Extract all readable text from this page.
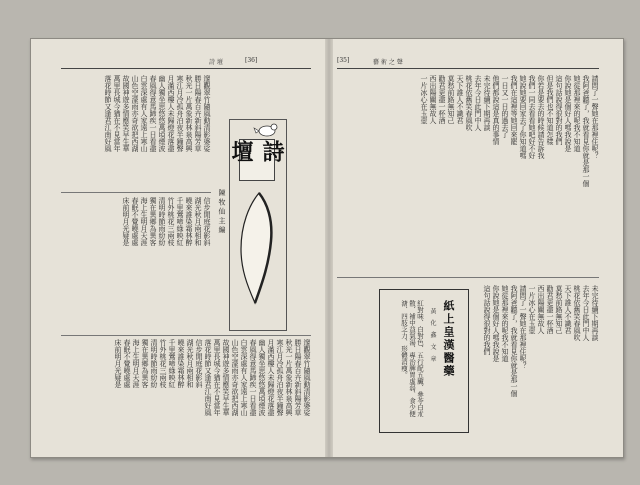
詩 壇	[36]
邃觀翠竹隨風動清影婆娑
勝日陽春百卉新斜陽芳草
秋光一片萬象新林泉高興
寒江月冷孤舟泊夜半鐘聲
月滿西樓人未歸燈花落盡
幽人獨坐思悠悠萬頃煙波
春風得意馬蹄疾一日看盡
白雲深處有人家遠上寒山
山色空濛雨亦奇欲把西湖
故國神遊多情應笑早生華
萬里長城今猶在不見當年
落花時節又逢君江南好風	詩壇
陳 牧 仙 主 編
信步閒庭花影斜
湖光秋月兩相和
曉來誰染霜林醉
千里鶯啼綠映紅
竹外桃花三兩枝
清明時節雨紛紛
獨在異鄉為異客
海上生明月天涯
春眠不覺曉處處
床前明月光疑是
邃觀翠竹隨風動清影婆娑
勝日陽春百卉新斜陽芳草
秋光一片萬象新林泉高興
寒江月冷孤舟泊夜半鐘聲
月滿西樓人未歸燈花落盡
幽人獨坐思悠悠萬頃煙波
春風得意馬蹄疾一日看盡
白雲深處有人家遠上寒山
山色空濛雨亦奇欲把西湖
故國神遊多情應笑早生華
萬里長城今猶在不見當年
落花時節又逢君江南好風
信步閒庭花影斜
湖光秋月兩相和
曉來誰染霜林醉
千里鶯啼綠映紅
竹外桃花三兩枝
清明時節雨紛紛
獨在異鄉為異客
海上生明月天涯
春眠不覺曉處處
床前明月光疑是
[35]	藝 術 之 聲
請問了一聲她在那裡住呢？
我阿爸聽了，我就看見你就是那一個
她從那裡來的呢我不知道
你說她是個好人嗎我說是
這句話說得很對的我們
但是我們也不知道怎樣
你若是要去的時候請告訴我
我們一同去看看她吧好不好
她說她要回家去了你知道嗎
我們在這裡等她回來罷
一日又一日的過去了
他們都說這是真的事情
未完待續下期再談
去年今日此門中人
桃花依舊笑春風吹
天下誰人不識君
莫愁前路無知己
勸君更盡一杯酒
西出陽關無故人
一片冰心在玉壺
紙上皇漢醫藥
黃 化 鑫 文 章
紅對味、白對色、五行配五臟、參苓白朮散、補中益氣湯、專治脾胃虛弱、食少便溏、四肢乏力、形體消瘦。	未完待續下期再談
去年今日此門中人
桃花依舊笑春風吹
天下誰人不識君
莫愁前路無知己
勸君更盡一杯酒
西出陽關無故人
一片冰心在玉壺
請問了一聲她在那裡住呢？
我阿爸聽了，我就看見你就是那一個
她從那裡來的呢我不知道
你說她是個好人嗎我說是
這句話說得很對的我們
